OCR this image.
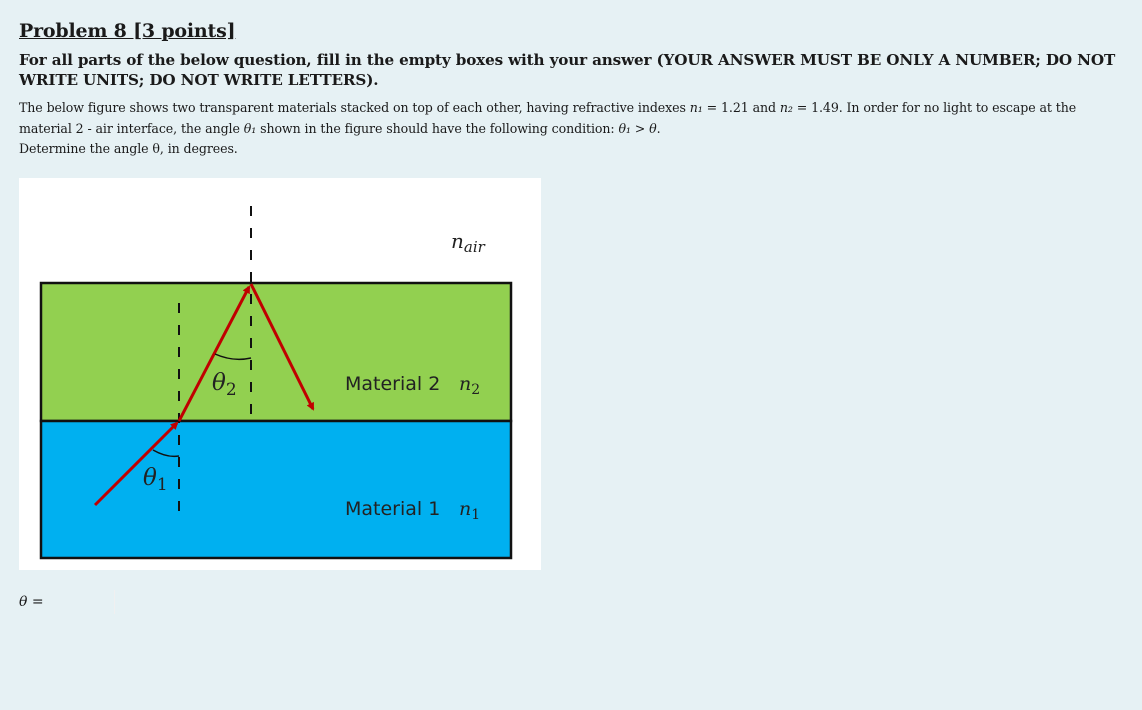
Problem 8 [3 points]
For all parts of the below question, fill in the empty boxes with your answer (YOUR ANSWER MUST BE ONLY A NUMBER; DO NOT WRITE UNITS; DO NOT WRITE LETTERS).
The below figure shows two transparent materials stacked on top of each other, having refractive indexes n₁ = 1.21 and n₂ = 1.49. In order for no light to escape at the material 2 - air interface, the angle θ₁ shown in the figure should have the following condition: θ₁ > θ.
Determine the angle θ, in degrees.
$n_{air}$
$\theta_2$
$\theta_1$
Material 2 $n_2$
Material 1 $n_1$
θ =
